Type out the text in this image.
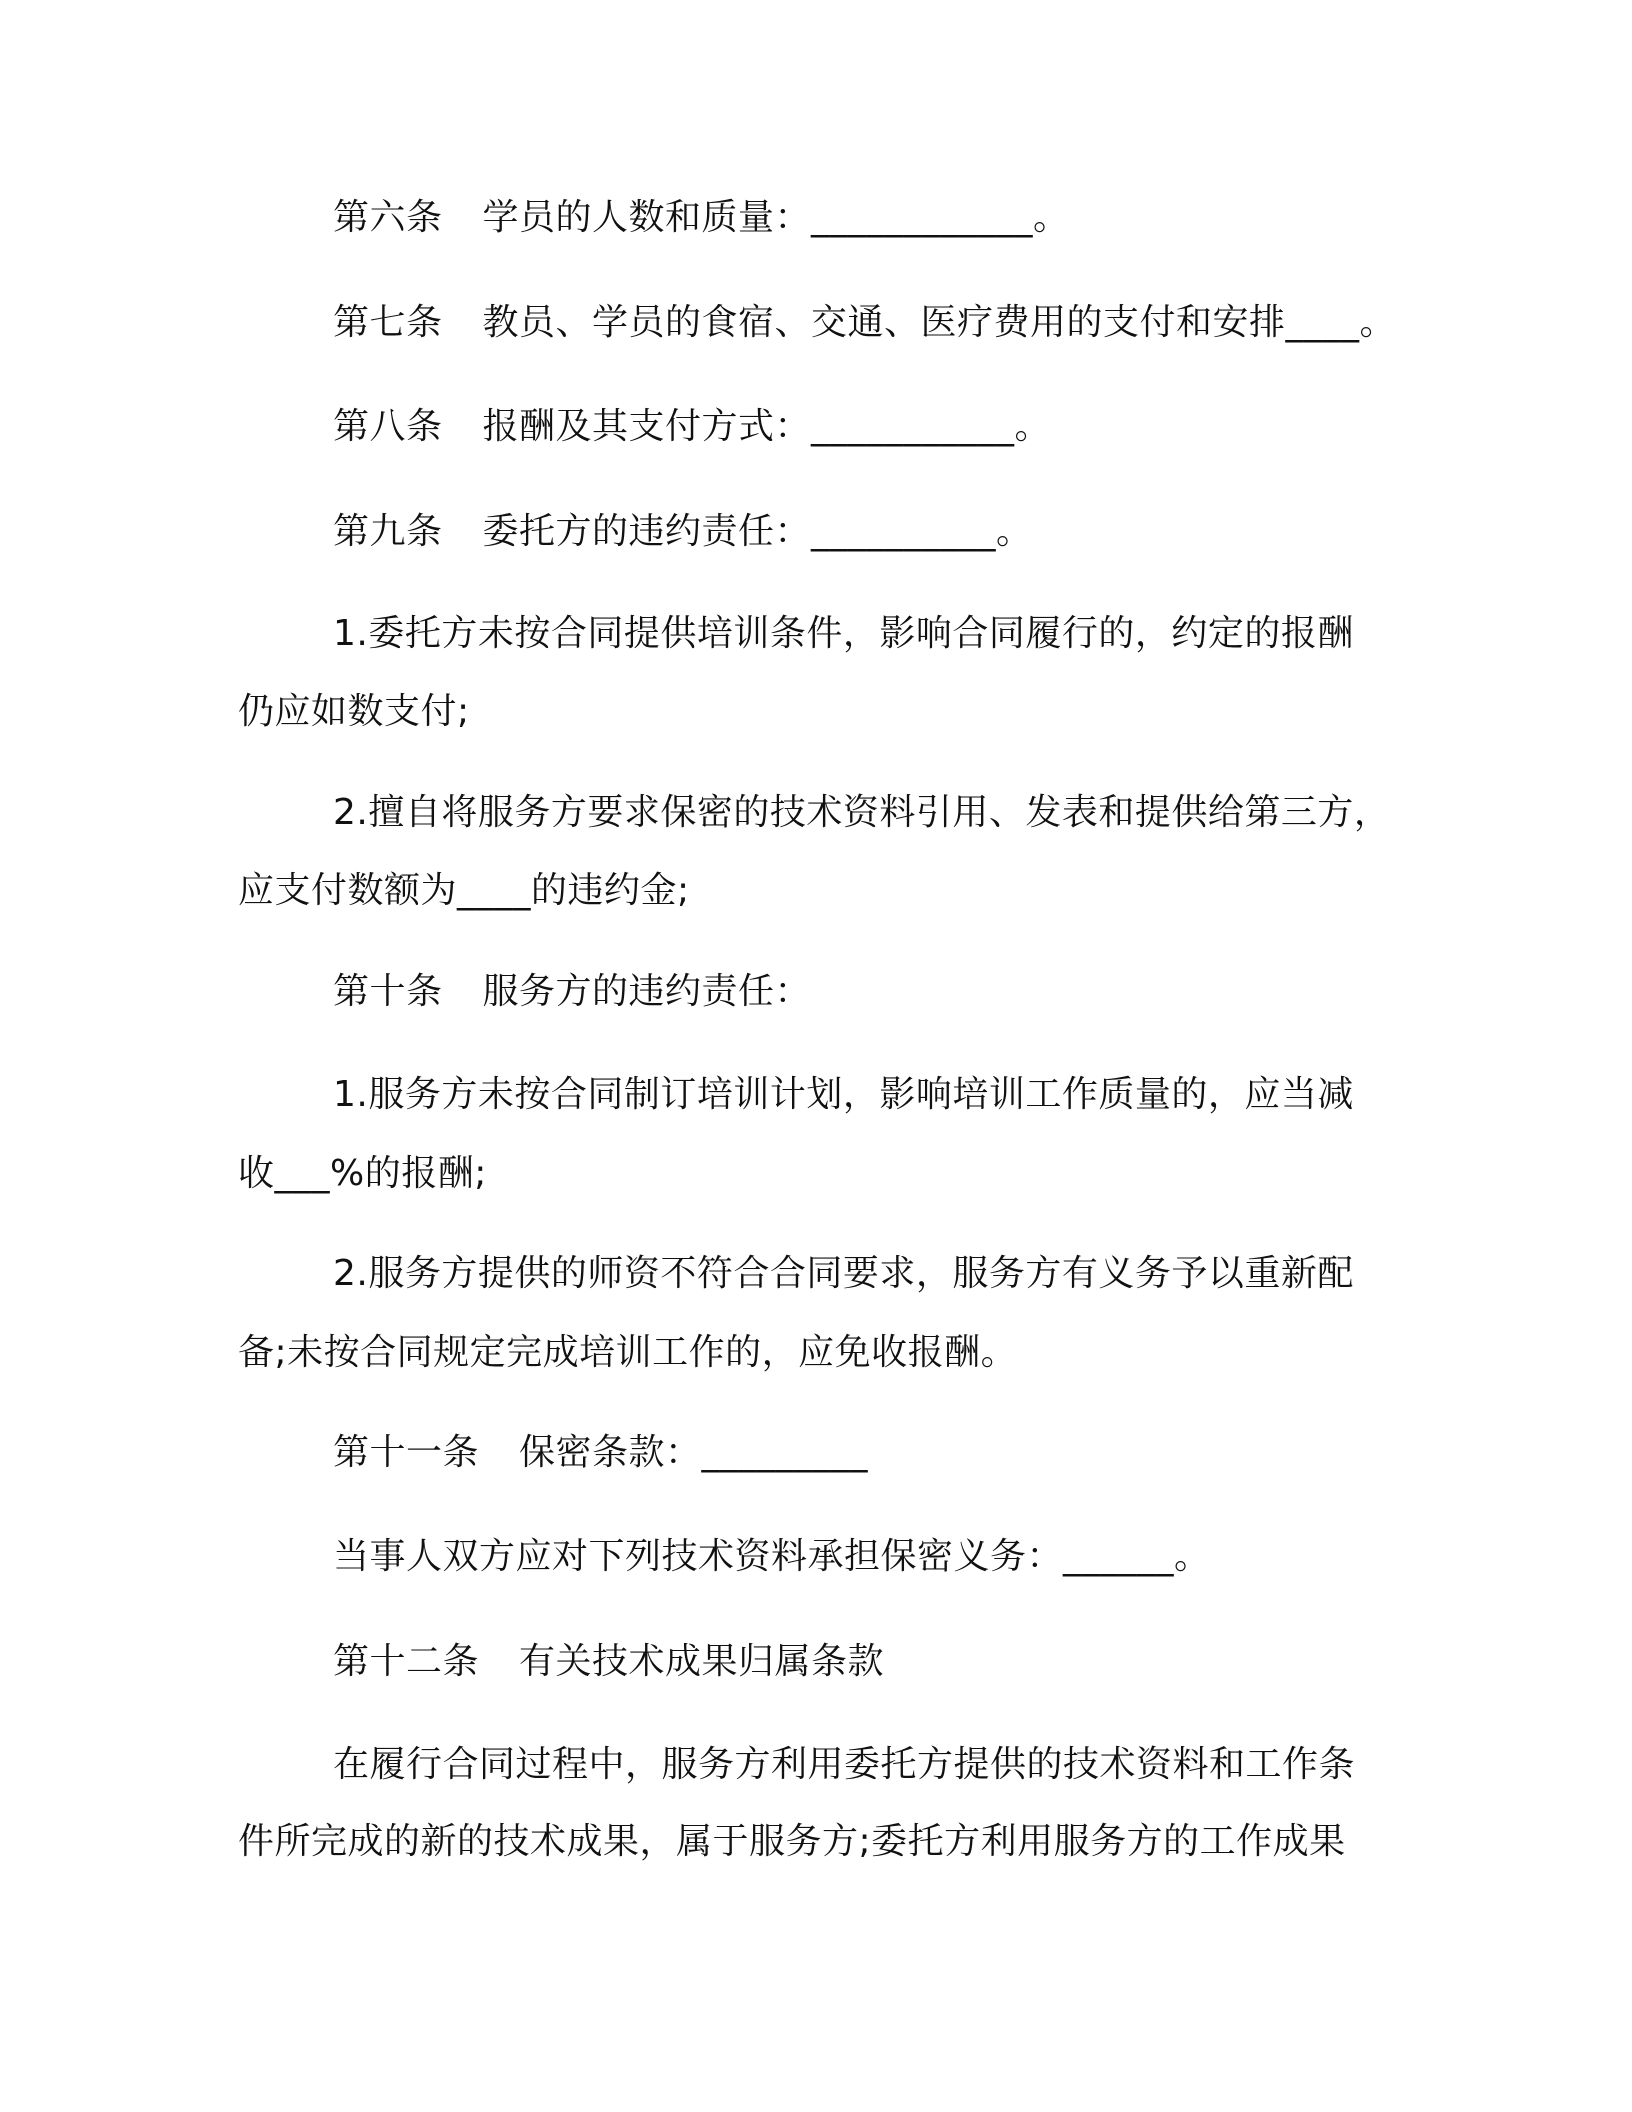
第六条 学员的人数和质量：____________。
第七条 教员、学员的食宿、交通、医疗费用的支付和安排____。
第八条 报酬及其支付方式：___________。
第九条 委托方的违约责任：__________。
1.委托方未按合同提供培训条件，影响合同履行的，约定的报酬
仍应如数支付;
2.擅自将服务方要求保密的技术资料引用、发表和提供给第三方，
应支付数额为____的违约金;
第十条 服务方的违约责任：
1.服务方未按合同制订培训计划，影响培训工作质量的，应当减
收___%的报酬;
2.服务方提供的师资不符合合同要求，服务方有义务予以重新配
备;未按合同规定完成培训工作的，应免收报酬。
第十一条 保密条款：_________
当事人双方应对下列技术资料承担保密义务：______。
第十二条 有关技术成果归属条款
在履行合同过程中，服务方利用委托方提供的技术资料和工作条
件所完成的新的技术成果，属于服务方;委托方利用服务方的工作成果
